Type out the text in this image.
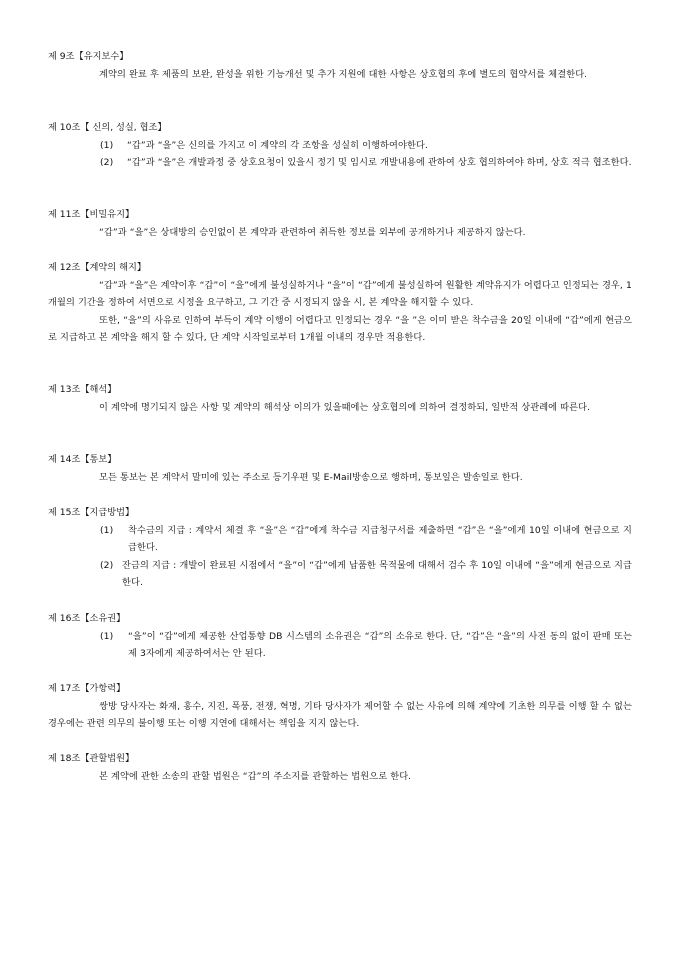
제 9조【유지보수】

계약의 완료 후 제품의 보완, 완성을 위한 기능개선 및 추가 지원에 대한 사항은 상호협의 후에 별도의 협약서를 체결한다.

제 10조【 신의, 성실, 협조】
(1) “갑”과 “을”은 신의를 가지고 이 계약의 각 조항을 성실히 이행하여야한다.
(2) “갑”과 “을”은 개발과정 중 상호요청이 있을시 정기 및 임시로 개발내용에 관하여 상호 협의하여야 하며, 상호 적극 협조한다.
제 11조【비밀유지】

“갑”과 “을”은 상대방의 승인없이 본 계약과 관련하여 취득한 정보를 외부에 공개하거나 제공하지 않는다.

제 12조【계약의 해지】

“갑”과 “을”은 계약이후 “갑”이 “을”에게 불성실하거나 “을”이 “갑”에게 불성실하여 원활한 계약유지가 어렵다고 인정되는 경우, 1개월의 기간을 정하여 서면으로 시정을 요구하고, 그 기간 중 시정되지 않을 시, 본 계약을 해지할 수 있다.

또한, “을”의 사유로 인하여 부득이 계약 이행이 어렵다고 인정되는 경우 “을 ”은 이미 받은 착수금을 20일 이내에 “갑”에게 현금으로 지급하고 본 계약을 해지 할 수 있다, 단 계약 시작일로부터 1개월 이내의 경우만 적용한다.

제 13조【해석】

이 계약에 명기되지 않은 사항 및 계약의 해석상 이의가 있을때에는 상호협의에 의하여 결정하되, 일반적 상관례에 따른다.

제 14조【통보】

모든 통보는 본 계약서 말미에 있는 주소로 등기우편 및 E-Mail방송으로 행하며, 통보일은 발송일로 한다.

제 15조【지급방법】
(1) 착수금의 지급 : 계약서 체결 후 “을”은 “갑”에게 착수금 지급청구서를 제출하면 “갑”은 “을”에게 10일 이내에 현금으로 지급한다.
(2) 잔금의 지급 : 개발이 완료된 시점에서 “을”이 “갑”에게 납품한 목적물에 대해서 검수 후 10일 이내에 “을”에게 현금으로 지급한다.
제 16조【소유권】
(1) “을”이 “갑”에게 제공한 산업통향 DB 시스템의 소유권은 “갑”의 소유로 한다. 단, “갑”은 “을”의 사전 동의 없이 판매 또는 제 3자에게 제공하여서는 안 된다.
제 17조【가항력】

쌍방 당사자는 화재, 홍수, 지진, 폭풍, 전쟁, 혁명, 기타 당사자가 제어할 수 없는 사유에 의해 계약에 기초한 의무를 이행 할 수 없는 경우에는 관련 의무의 불이행 또는 이행 지연에 대해서는 책임을 지지 않는다.

제 18조【관할법원】

본 계약에 관한 소송의 관할 법원은 “갑”의 주소지를 관할하는 법원으로 한다.
